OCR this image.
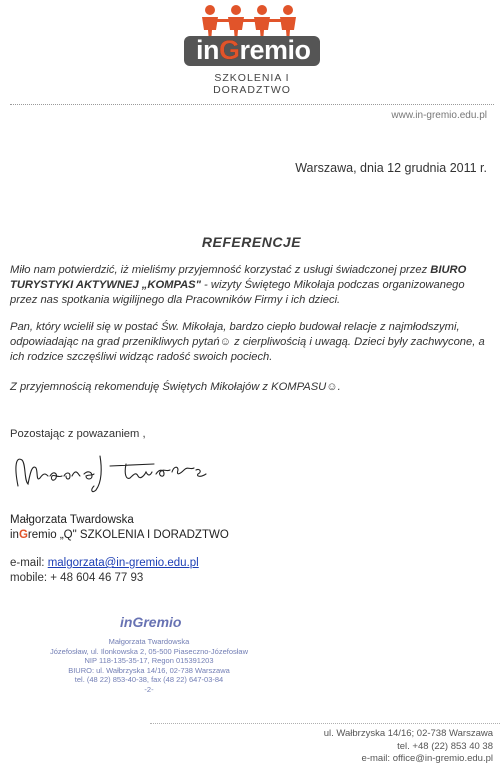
inGremio
SZKOLENIA I DORADZTWO
www.in-gremio.edu.pl
Warszawa, dnia 12 grudnia 2011 r.
REFERENCJE

Miło nam potwierdzić, iż mieliśmy przyjemność korzystać z usługi świadczonej przez BIURO TURYSTYKI AKTYWNEJ „KOMPAS" - wizyty Świętego Mikołaja podczas organizowanego przez nas spotkania wigilijnego dla Pracowników Firmy i ich dzieci.

Pan, który wcielił się w postać Św. Mikołaja, bardzo ciepło budował relacje z najmłodszymi, odpowiadając na grad przenikliwych pytań☺ z cierpliwością i uwagą. Dzieci były zachwycone, a ich rodzice szczęśliwi widząc radość swoich pociech.

Z przyjemnością rekomenduję Świętych Mikołajów z KOMPASU☺.

Pozostając z powazaniem ,
Małgorzata Twardowska
inGremio „Q" SZKOLENIA I DORADZTWO
e-mail: malgorzata@in-gremio.edu.pl
mobile: + 48 604 46 77 93
inGremio
Małgorzata Twardowska
Józefosław, ul. Ilonkowska 2, 05-500 Piaseczno-Józefosław
NIP 118-135-35-17, Regon 015391203
BIURO: ul. Wałbrzyska 14/16, 02-738 Warszawa
tel. (48 22) 853-40-38, fax (48 22) 647-03-84
-2-
ul. Wałbrzyska 14/16; 02-738 Warszawa
tel. +48 (22) 853 40 38
e-mail: office@in-gremio.edu.pl
